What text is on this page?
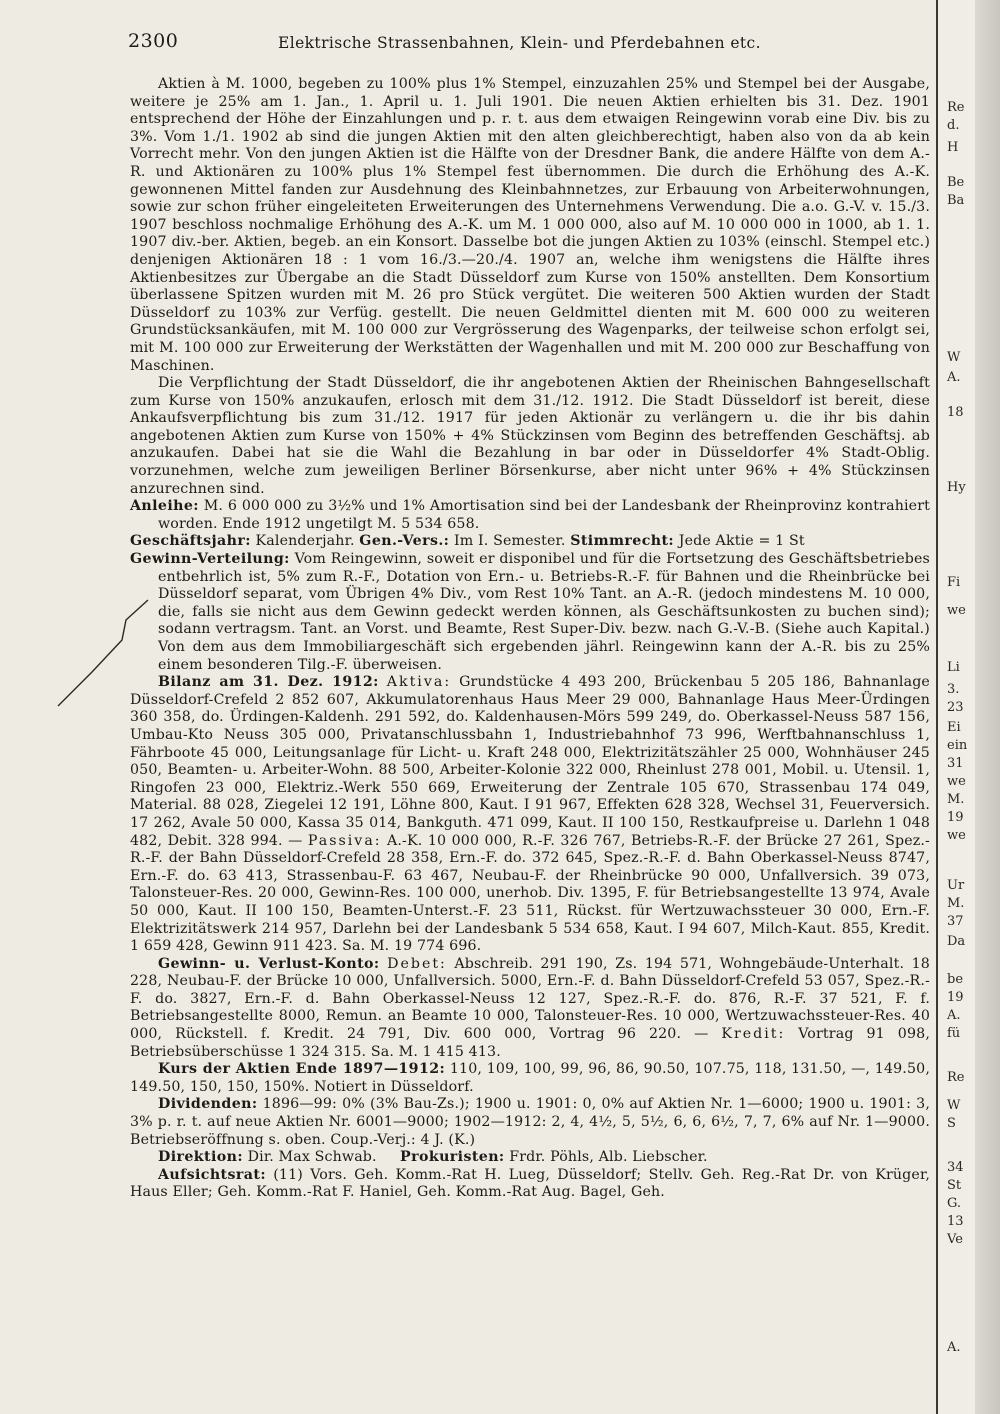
Re
d.
H
Be
Ba
W
A.
18
Hy
Fi
we
Li
3.
23
Ei
ein
31
we
M.
19
we
Ur
M.
37
Da
be
19
A.
fü
Re
W
S
34
St
G.
13
Ve
A.
2300	Elektrische Strassenbahnen, Klein- und Pferdebahnen etc.

Aktien à M. 1000, begeben zu 100% plus 1% Stempel, einzuzahlen 25% und Stempel bei der Ausgabe, weitere je 25% am 1. Jan., 1. April u. 1. Juli 1901. Die neuen Aktien erhielten bis 31. Dez. 1901 entsprechend der Höhe der Einzahlungen und p. r. t. aus dem etwaigen Reingewinn vorab eine Div. bis zu 3%. Vom 1./1. 1902 ab sind die jungen Aktien mit den alten gleichberechtigt, haben also von da ab kein Vorrecht mehr. Von den jungen Aktien ist die Hälfte von der Dresdner Bank, die andere Hälfte von dem A.-R. und Aktionären zu 100% plus 1% Stempel fest übernommen. Die durch die Erhöhung des A.-K. gewonnenen Mittel fanden zur Ausdehnung des Kleinbahnnetzes, zur Erbauung von Arbeiterwohnungen, sowie zur schon früher eingeleiteten Erweiterungen des Unternehmens Verwendung. Die a.o. G.-V. v. 15./3. 1907 beschloss nochmalige Erhöhung des A.-K. um M. 1 000 000, also auf M. 10 000 000 in 1000, ab 1. 1. 1907 div.-ber. Aktien, begeb. an ein Konsort. Dasselbe bot die jungen Aktien zu 103% (einschl. Stempel etc.) denjenigen Aktionären 18 : 1 vom 16./3.—20./4. 1907 an, welche ihm wenigstens die Hälfte ihres Aktienbesitzes zur Übergabe an die Stadt Düsseldorf zum Kurse von 150% anstellten. Dem Konsortium überlassene Spitzen wurden mit M. 26 pro Stück vergütet. Die weiteren 500 Aktien wurden der Stadt Düsseldorf zu 103% zur Verfüg. gestellt. Die neuen Geldmittel dienten mit M. 600 000 zu weiteren Grundstücksankäufen, mit M. 100 000 zur Vergrösserung des Wagenparks, der teilweise schon erfolgt sei, mit M. 100 000 zur Erweiterung der Werkstätten der Wagenhallen und mit M. 200 000 zur Beschaffung von Maschinen.

Die Verpflichtung der Stadt Düsseldorf, die ihr angebotenen Aktien der Rheinischen Bahngesellschaft zum Kurse von 150% anzukaufen, erlosch mit dem 31./12. 1912. Die Stadt Düsseldorf ist bereit, diese Ankaufsverpflichtung bis zum 31./12. 1917 für jeden Aktionär zu verlängern u. die ihr bis dahin angebotenen Aktien zum Kurse von 150% + 4% Stückzinsen vom Beginn des betreffenden Geschäftsj. ab anzukaufen. Dabei hat sie die Wahl die Bezahlung in bar oder in Düsseldorfer 4% Stadt-Oblig. vorzunehmen, welche zum jeweiligen Berliner Börsenkurse, aber nicht unter 96% + 4% Stückzinsen anzurechnen sind.

Anleihe: M. 6 000 000 zu 3½% und 1% Amortisation sind bei der Landesbank der Rheinprovinz kontrahiert worden. Ende 1912 ungetilgt M. 5 534 658.

Geschäftsjahr: Kalenderjahr. Gen.-Vers.: Im I. Semester. Stimmrecht: Jede Aktie = 1 St

Gewinn-Verteilung: Vom Reingewinn, soweit er disponibel und für die Fortsetzung des Geschäftsbetriebes entbehrlich ist, 5% zum R.-F., Dotation von Ern.- u. Betriebs-R.-F. für Bahnen und die Rheinbrücke bei Düsseldorf separat, vom Übrigen 4% Div., vom Rest 10% Tant. an A.-R. (jedoch mindestens M. 10 000, die, falls sie nicht aus dem Gewinn gedeckt werden können, als Geschäftsunkosten zu buchen sind); sodann vertragsm. Tant. an Vorst. und Beamte, Rest Super-Div. bezw. nach G.-V.-B. (Siehe auch Kapital.) Von dem aus dem Immobiliargeschäft sich ergebenden jährl. Reingewinn kann der A.-R. bis zu 25% einem besonderen Tilg.-F. überweisen.

Bilanz am 31. Dez. 1912: Aktiva: Grundstücke 4 493 200, Brückenbau 5 205 186, Bahnanlage Düsseldorf-Crefeld 2 852 607, Akkumulatorenhaus Haus Meer 29 000, Bahnanlage Haus Meer-Ürdingen 360 358, do. Ürdingen-Kaldenh. 291 592, do. Kaldenhausen-Mörs 599 249, do. Oberkassel-Neuss 587 156, Umbau-Kto Neuss 305 000, Privatanschlussbahn 1, Industriebahnhof 73 996, Werftbahnanschluss 1, Fährboote 45 000, Leitungsanlage für Licht- u. Kraft 248 000, Elektrizitätszähler 25 000, Wohnhäuser 245 050, Beamten- u. Arbeiter-Wohn. 88 500, Arbeiter-Kolonie 322 000, Rheinlust 278 001, Mobil. u. Utensil. 1, Ringofen 23 000, Elektriz.-Werk 550 669, Erweiterung der Zentrale 105 670, Strassenbau 174 049, Material. 88 028, Ziegelei 12 191, Löhne 800, Kaut. I 91 967, Effekten 628 328, Wechsel 31, Feuerversich. 17 262, Avale 50 000, Kassa 35 014, Bankguth. 471 099, Kaut. II 100 150, Restkaufpreise u. Darlehn 1 048 482, Debit. 328 994. — Passiva: A.-K. 10 000 000, R.-F. 326 767, Betriebs-R.-F. der Brücke 27 261, Spez.-R.-F. der Bahn Düsseldorf-Crefeld 28 358, Ern.-F. do. 372 645, Spez.-R.-F. d. Bahn Oberkassel-Neuss 8747, Ern.-F. do. 63 413, Strassenbau-F. 63 467, Neubau-F. der Rheinbrücke 90 000, Unfallversich. 39 073, Talonsteuer-Res. 20 000, Gewinn-Res. 100 000, unerhob. Div. 1395, F. für Betriebsangestellte 13 974, Avale 50 000, Kaut. II 100 150, Beamten-Unterst.-F. 23 511, Rückst. für Wertzuwachssteuer 30 000, Ern.-F. Elektrizitätswerk 214 957, Darlehn bei der Landesbank 5 534 658, Kaut. I 94 607, Milch-Kaut. 855, Kredit. 1 659 428, Gewinn 911 423. Sa. M. 19 774 696.

Gewinn- u. Verlust-Konto: Debet: Abschreib. 291 190, Zs. 194 571, Wohngebäude-Unterhalt. 18 228, Neubau-F. der Brücke 10 000, Unfallversich. 5000, Ern.-F. d. Bahn Düsseldorf-Crefeld 53 057, Spez.-R.-F. do. 3827, Ern.-F. d. Bahn Oberkassel-Neuss 12 127, Spez.-R.-F. do. 876, R.-F. 37 521, F. f. Betriebsangestellte 8000, Remun. an Beamte 10 000, Talonsteuer-Res. 10 000, Wertzuwachssteuer-Res. 40 000, Rückstell. f. Kredit. 24 791, Div. 600 000, Vortrag 96 220. — Kredit: Vortrag 91 098, Betriebsüberschüsse 1 324 315. Sa. M. 1 415 413.

Kurs der Aktien Ende 1897—1912: 110, 109, 100, 99, 96, 86, 90.50, 107.75, 118, 131.50, —, 149.50, 149.50, 150, 150, 150%. Notiert in Düsseldorf.

Dividenden: 1896—99: 0% (3% Bau-Zs.); 1900 u. 1901: 0, 0% auf Aktien Nr. 1—6000; 1900 u. 1901: 3, 3% p. r. t. auf neue Aktien Nr. 6001—9000; 1902—1912: 2, 4, 4½, 5, 5½, 6, 6, 6½, 7, 7, 6% auf Nr. 1—9000. Betriebseröffnung s. oben. Coup.-Verj.: 4 J. (K.)

Direktion: Dir. Max Schwab. Prokuristen: Frdr. Pöhls, Alb. Liebscher.

Aufsichtsrat: (11) Vors. Geh. Komm.-Rat H. Lueg, Düsseldorf; Stellv. Geh. Reg.-Rat Dr. von Krüger, Haus Eller; Geh. Komm.-Rat F. Haniel, Geh. Komm.-Rat Aug. Bagel, Geh.
